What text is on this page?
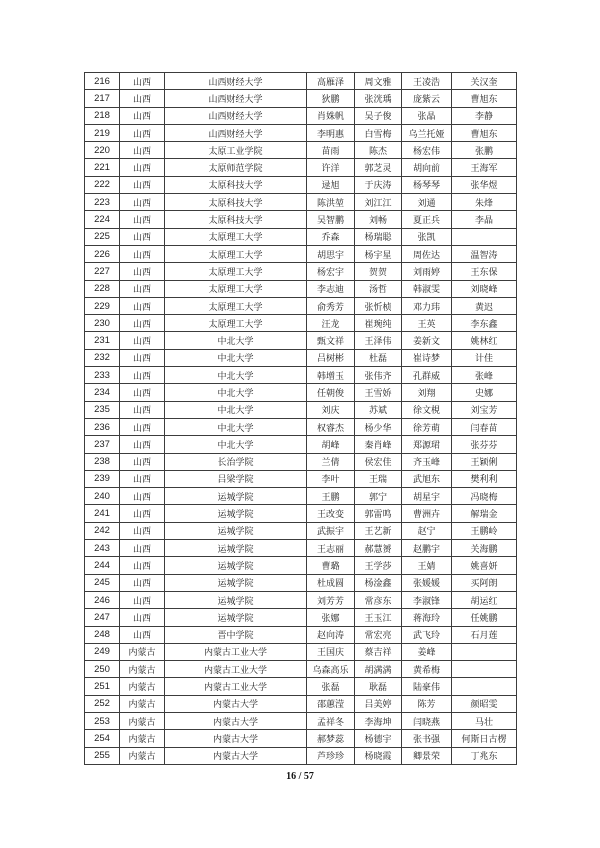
216	山西	山西财经大学	高雁泽	周文雅	王凌浩	关汉奎
217	山西	山西财经大学	狄鹏	张洸瑀	庞紫云	曹旭东
218	山西	山西财经大学	肖姝帆	吴子俊	张晶	李静
219	山西	山西财经大学	李明惠	白雪梅	乌兰托娅	曹旭东
220	山西	太原工业学院	苗雨	陈杰	杨宏伟	张鹏
221	山西	太原师范学院	许洋	郭芝灵	胡向前	王海军
222	山西	太原科技大学	逯旭	于庆涛	杨琴琴	张华煜
223	山西	太原科技大学	陈洪堃	刘江江	刘通	朱烽
224	山西	太原科技大学	吴智鹏	刘畅	夏正兵	李晶
225	山西	太原理工大学	乔森	杨瑞聪	张凯	
226	山西	太原理工大学	胡思宇	杨宇星	周佐达	温智涛
227	山西	太原理工大学	杨宏宇	贺贺	刘雨婷	王东保
228	山西	太原理工大学	李志迪	汤哲	韩淑雯	刘晓峰
229	山西	太原理工大学	俞秀芳	张忻桢	邓力玮	黄迟
230	山西	太原理工大学	汪龙	崔琬纯	王英	李东鑫
231	山西	中北大学	甄文祥	王泽伟	姜新文	姚林红
232	山西	中北大学	吕树彬	杜磊	崔诗梦	计佳
233	山西	中北大学	韩增玉	张伟齐	孔群威	张峰
234	山西	中北大学	任朝俊	王雪娇	刘翔	史娜
235	山西	中北大学	刘庆	苏斌	徐文梘	刘宝芳
236	山西	中北大学	权睿杰	杨少华	徐芳萌	闫春苗
237	山西	中北大学	胡峰	秦肖峰	郑源珺	张芬芬
238	山西	长治学院	兰倩	侯宏佳	齐玉峰	王颖俐
239	山西	吕梁学院	李叶	王瑞	武旭东	樊利利
240	山西	运城学院	王鹏	郭宁	胡星宇	冯晓梅
241	山西	运城学院	王改变	郭雷鸣	曹洲卉	解瑞金
242	山西	运城学院	武振宇	王艺新	赵宁	王鹏岭
243	山西	运城学院	王志丽	郝慧赟	赵鹏宇	关海鹏
244	山西	运城学院	曹璐	王学莎	王婧	姚喜妍
245	山西	运城学院	杜成圆	杨淦鑫	张媛媛	买阿朗
246	山西	运城学院	刘芳芳	常彦东	李淑锋	胡运红
247	山西	运城学院	张娜	王玉江	蒋海玲	任姚鹏
248	山西	晋中学院	赵向涛	常宏亮	武飞玲	石月莲
249	内蒙古	内蒙古工业大学	王国庆	蔡吉祥	姜峰	
250	内蒙古	内蒙古工业大学	乌森高乐	胡满满	黄希梅	
251	内蒙古	内蒙古工业大学	张磊	耿磊	陆豪伟	
252	内蒙古	内蒙古大学	邵蕙滢	吕美婷	陈芳	颜昭雯
253	内蒙古	内蒙古大学	孟祥冬	李海坤	闫晓燕	马壮
254	内蒙古	内蒙古大学	郝梦蕊	杨德宇	张书强	何斯日古楞
255	内蒙古	内蒙古大学	芦珍珍	杨晓霞	卿景荣	丁兆东
16 / 57
